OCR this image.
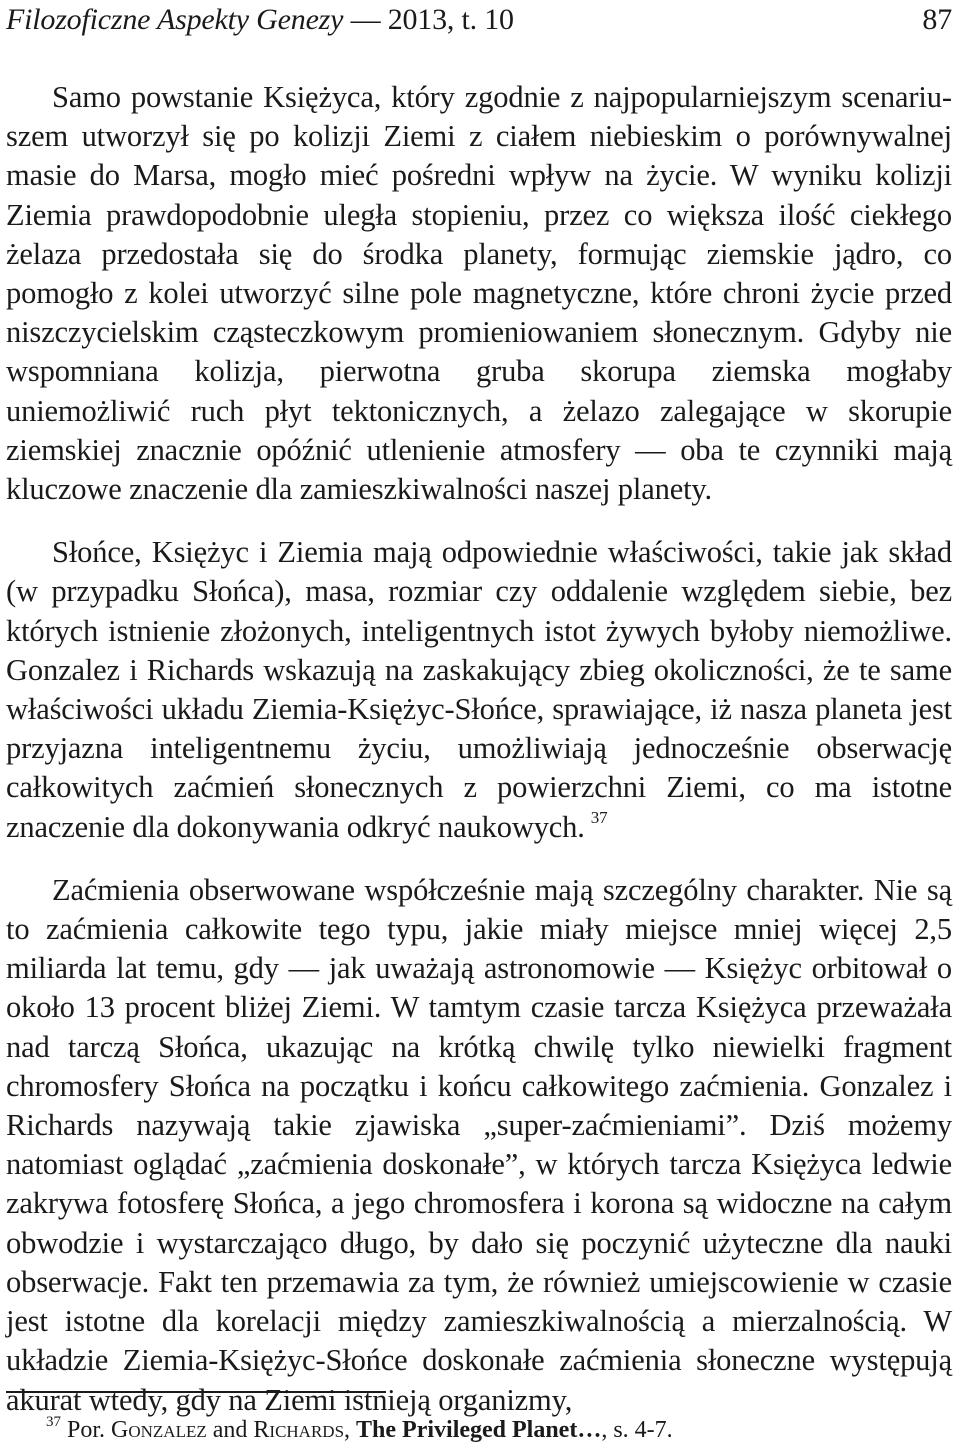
Filozoficzne Aspekty Genezy — 2013, t. 10	87

Samo powstanie Księżyca, który zgodnie z najpopularniejszym scenariuszem utworzył się po kolizji Ziemi z ciałem niebieskim o porównywalnej masie do Marsa, mogło mieć pośredni wpływ na życie. W wyniku kolizji Ziemia prawdopodobnie uległa stopieniu, przez co większa ilość ciekłego żelaza przedostała się do środka planety, formując ziemskie jądro, co pomogło z kolei utworzyć silne pole magnetyczne, które chroni życie przed niszczycielskim cząsteczkowym promieniowaniem słonecznym. Gdyby nie wspomniana kolizja, pierwotna gruba skorupa ziemska mogłaby uniemożliwić ruch płyt tektonicznych, a żelazo zalegające w skorupie ziemskiej znacznie opóźnić utlenienie atmosfery — oba te czynniki mają kluczowe znaczenie dla zamieszkiwalności naszej planety.

Słońce, Księżyc i Ziemia mają odpowiednie właściwości, takie jak skład (w przypadku Słońca), masa, rozmiar czy oddalenie względem siebie, bez których istnienie złożonych, inteligentnych istot żywych byłoby niemożliwe. Gonzalez i Richards wskazują na zaskakujący zbieg okoliczności, że te same właściwości układu Ziemia-Księżyc-Słońce, sprawiające, iż nasza planeta jest przyjazna inteligentnemu życiu, umożliwiają jednocześnie obserwację całkowitych zaćmień słonecznych z powierzchni Ziemi, co ma istotne znaczenie dla dokonywania odkryć naukowych. $^{37}$

Zaćmienia obserwowane współcześnie mają szczególny charakter. Nie są to zaćmienia całkowite tego typu, jakie miały miejsce mniej więcej 2,5 miliarda lat temu, gdy — jak uważają astronomowie — Księżyc orbitował o około 13 procent bliżej Ziemi. W tamtym czasie tarcza Księżyca przeważała nad tarczą Słońca, ukazując na krótką chwilę tylko niewielki fragment chromosfery Słońca na początku i końcu całkowitego zaćmienia. Gonzalez i Richards nazywają takie zjawiska „super-zaćmieniami”. Dziś możemy natomiast oglądać „zaćmienia doskonałe”, w których tarcza Księżyca ledwie zakrywa fotosferę Słońca, a jego chromosfera i korona są widoczne na całym obwodzie i wystarczająco długo, by dało się poczynić użyteczne dla nauki obserwacje. Fakt ten przemawia za tym, że również umiejscowienie w czasie jest istotne dla korelacji między zamieszkiwalnością a mierzalnością. W układzie Ziemia-Księżyc-Słońce doskonałe zaćmienia słoneczne występują akurat wtedy, gdy na Ziemi istnieją organizmy,

$^{37}$ Por. Gonzalez and Richards, The Privileged Planet…, s. 4-7.
